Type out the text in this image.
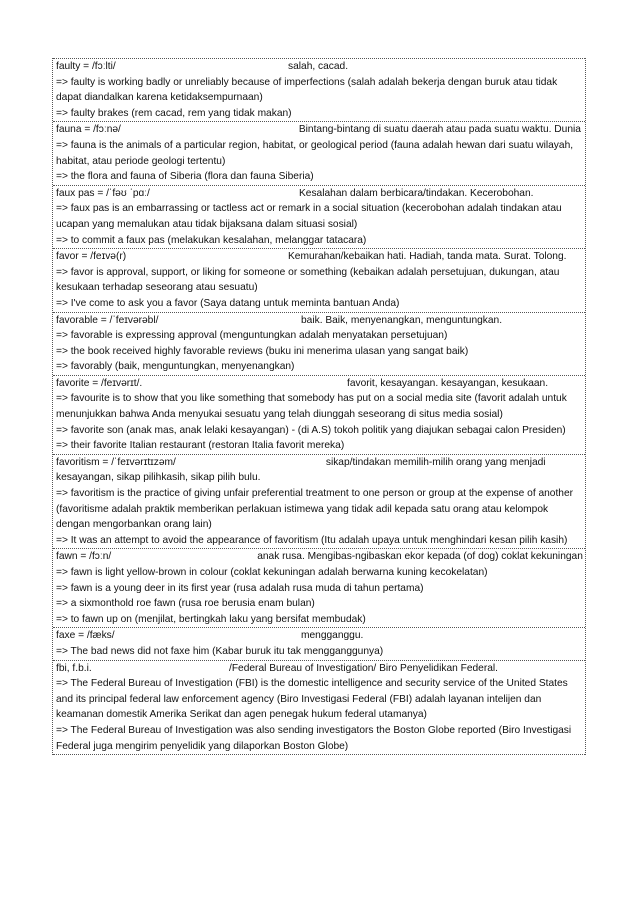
faulty = /fɔːlti/	salah, cacad.
=> faulty is working badly or unreliably because of imperfections (salah adalah bekerja dengan buruk atau tidak dapat diandalkan karena ketidaksempurnaan)
=> faulty brakes (rem cacad, rem yang tidak makan)
fauna = /fɔːnə/	Bintang-bintang di suatu daerah atau pada suatu waktu. Dunia
=> fauna is the animals of a particular region, habitat, or geological period (fauna adalah hewan dari suatu wilayah, habitat, atau periode geologi tertentu)
=> the flora and fauna of Siberia (flora dan fauna Siberia)
faux pas = /ˈfəʊ ˈpɑː/	Kesalahan dalam berbicara/tindakan. Kecerobohan.
=> faux pas is an embarrassing or tactless act or remark in a social situation (kecerobohan adalah tindakan atau ucapan yang memalukan atau tidak bijaksana dalam situasi sosial)
=> to commit a faux pas (melakukan kesalahan, melanggar tatacara)
favor = /feɪvə(r)	Kemurahan/kebaikan hati. Hadiah, tanda mata. Surat. Tolong.
=> favor is approval, support, or liking for someone or something (kebaikan adalah persetujuan, dukungan, atau kesukaan terhadap seseorang atau sesuatu)
=> I've come to ask you a favor (Saya datang untuk meminta bantuan Anda)
favorable = /ˈfeɪvərəbl/	baik. Baik, menyenangkan, menguntungkan.
=> favorable is expressing approval (menguntungkan adalah menyatakan persetujuan)
=> the book received highly favorable reviews (buku ini menerima ulasan yang sangat baik)
=> favorably (baik, menguntungkan, menyenangkan)
favorite = /feɪvərɪt/.	favorit, kesayangan. kesayangan, kesukaan.
=> favourite is to show that you like something that somebody has put on a social media site (favorit adalah untuk menunjukkan bahwa Anda menyukai sesuatu yang telah diunggah seseorang di situs media sosial)
=> favorite son (anak mas, anak lelaki kesayangan) - (di A.S) tokoh politik yang diajukan sebagai calon Presiden)
=> their favorite Italian restaurant (restoran Italia favorit mereka)
favoritism = /ˈfeɪvərɪtɪzəm/	sikap/tindakan memilih-milih orang yang menjadi kesayangan, sikap pilihkasih, sikap pilih bulu.
=> favoritism is the practice of giving unfair preferential treatment to one person or group at the expense of another (favoritisme adalah praktik memberikan perlakuan istimewa yang tidak adil kepada satu orang atau kelompok dengan mengorbankan orang lain)
=> It was an attempt to avoid the appearance of favoritism (Itu adalah upaya untuk menghindari kesan pilih kasih)
fawn = /fɔːn/	anak rusa. Mengibas-ngibaskan ekor kepada (of dog) coklat kekuningan
=> fawn is light yellow-brown in colour (coklat kekuningan adalah berwarna kuning kecokelatan)
=> fawn is a young deer in its first year (rusa adalah rusa muda di tahun pertama)
=> a sixmonthold roe fawn (rusa roe berusia enam bulan)
=> to fawn up on (menjilat, bertingkah laku yang bersifat membudak)
faxe = /fæks/	mengganggu.
=> The bad news did not faxe him (Kabar buruk itu tak mengganggunya)
fbi, f.b.i.	/Federal Bureau of Investigation/ Biro Penyelidikan Federal.
=> The Federal Bureau of Investigation (FBI) is the domestic intelligence and security service of the United States and its principal federal law enforcement agency (Biro Investigasi Federal (FBI) adalah layanan intelijen dan keamanan domestik Amerika Serikat dan agen penegak hukum federal utamanya)
=> The Federal Bureau of Investigation was also sending investigators the Boston Globe reported (Biro Investigasi Federal juga mengirim penyelidik yang dilaporkan Boston Globe)
